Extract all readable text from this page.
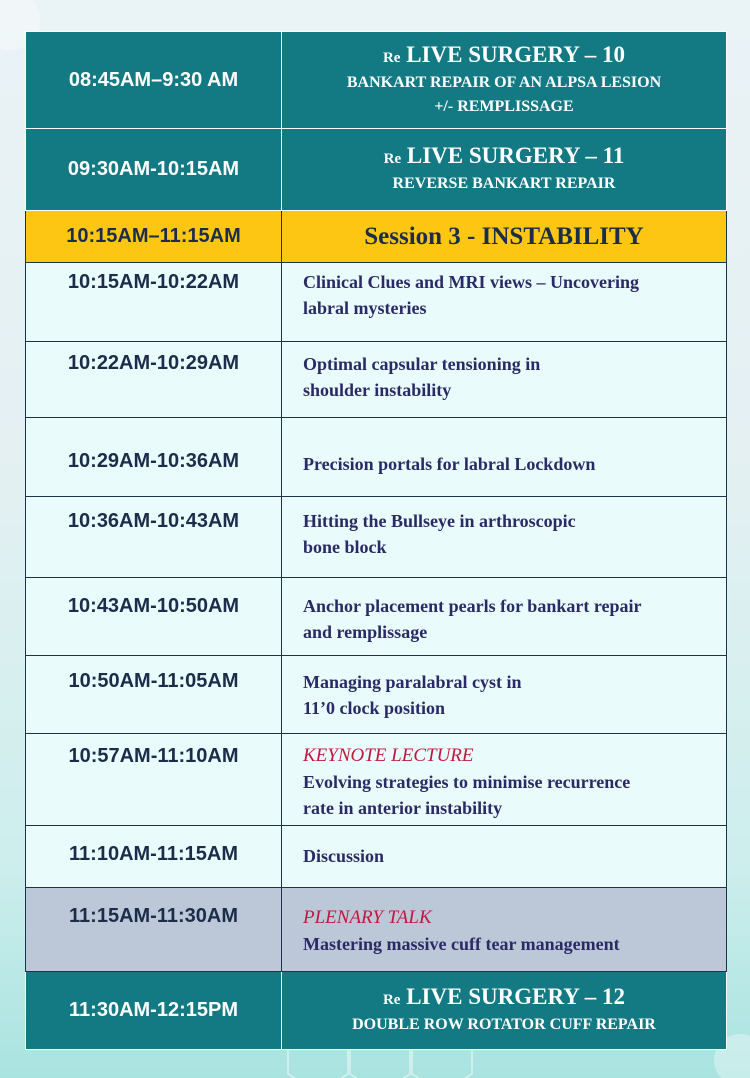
08:45AM–9:30 AM	Re LIVE SURGERY – 10
BANKART REPAIR OF AN ALPSA LESION
+/- REMPLISSAGE

09:30AM-10:15AM	Re LIVE SURGERY – 11
REVERSE BANKART REPAIR

10:15AM–11:15AM	Session 3 - INSTABILITY
10:15AM-10:22AM	Clinical Clues and MRI views – Uncovering
labral mysteries

10:22AM-10:29AM	Optimal capsular tensioning in
shoulder instability

10:29AM-10:36AM	Precision portals for labral Lockdown

10:36AM-10:43AM	Hitting the Bullseye in arthroscopic
bone block

10:43AM-10:50AM	Anchor placement pearls for bankart repair
and remplissage

10:50AM-11:05AM	Managing paralabral cyst in
11’0 clock position

10:57AM-11:10AM	KEYNOTE LECTURE
Evolving strategies to minimise recurrence
rate in anterior instability

11:10AM-11:15AM	Discussion

11:15AM-11:30AM	PLENARY TALK
Mastering massive cuff tear management

11:30AM-12:15PM	Re LIVE SURGERY – 12
DOUBLE ROW ROTATOR CUFF REPAIR
